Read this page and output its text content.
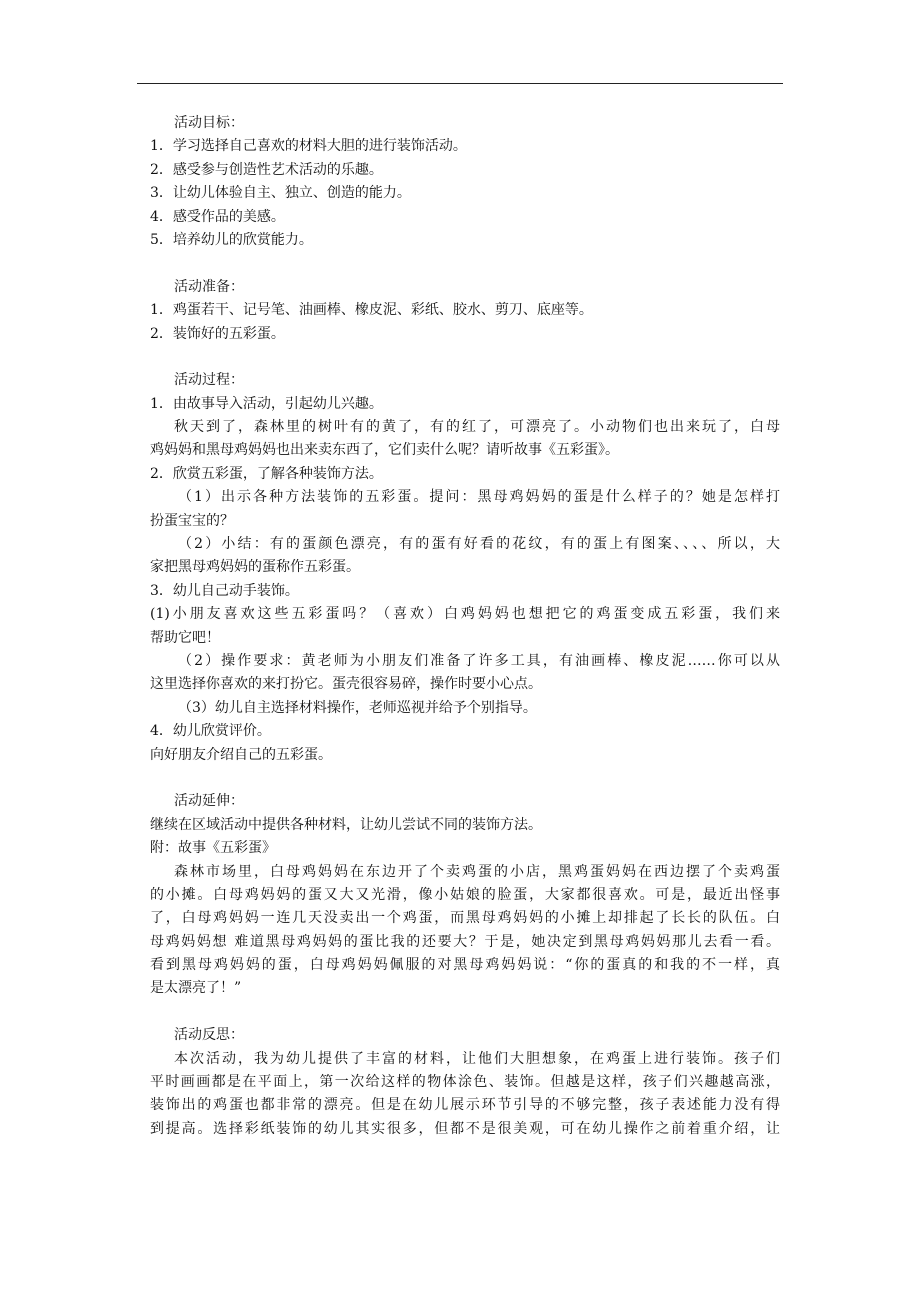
活动目标：
1．学习选择自己喜欢的材料大胆的进行装饰活动。
2．感受参与创造性艺术活动的乐趣。
3．让幼儿体验自主、独立、创造的能力。
4．感受作品的美感。
5．培养幼儿的欣赏能力。
活动准备：
1．鸡蛋若干、记号笔、油画棒、橡皮泥、彩纸、胶水、剪刀、底座等。
2．装饰好的五彩蛋。
活动过程：
1．由故事导入活动，引起幼儿兴趣。
秋天到了，森林里的树叶有的黄了，有的红了，可漂亮了。小动物们也出来玩了，白母
鸡妈妈和黑母鸡妈妈也出来卖东西了，它们卖什么呢？请听故事《五彩蛋》。
2．欣赏五彩蛋，了解各种装饰方法。
（1）出示各种方法装饰的五彩蛋。提问：黑母鸡妈妈的蛋是什么样子的？她是怎样打
扮蛋宝宝的？
（2）小结：有的蛋颜色漂亮，有的蛋有好看的花纹，有的蛋上有图案、、、、所以，大
家把黑母鸡妈妈的蛋称作五彩蛋。
3．幼儿自己动手装饰。
(1)小朋友喜欢这些五彩蛋吗？（喜欢）白鸡妈妈也想把它的鸡蛋变成五彩蛋，我们来
帮助它吧！
（2）操作要求：黄老师为小朋友们准备了许多工具，有油画棒、橡皮泥……你可以从
这里选择你喜欢的来打扮它。蛋壳很容易碎，操作时要小心点。
（3）幼儿自主选择材料操作，老师巡视并给予个别指导。
4．幼儿欣赏评价。
向好朋友介绍自己的五彩蛋。
活动延伸：
继续在区域活动中提供各种材料，让幼儿尝试不同的装饰方法。
附：故事《五彩蛋》
森林市场里，白母鸡妈妈在东边开了个卖鸡蛋的小店，黑鸡蛋妈妈在西边摆了个卖鸡蛋
的小摊。白母鸡妈妈的蛋又大又光滑，像小姑娘的脸蛋，大家都很喜欢。可是，最近出怪事
了，白母鸡妈妈一连几天没卖出一个鸡蛋，而黑母鸡妈妈的小摊上却排起了长长的队伍。白
母鸡妈妈想 难道黑母鸡妈妈的蛋比我的还要大？于是，她决定到黑母鸡妈妈那儿去看一看。
看到黑母鸡妈妈的蛋，白母鸡妈妈佩服的对黑母鸡妈妈说：“你的蛋真的和我的不一样，真
是太漂亮了！”
活动反思：
本次活动，我为幼儿提供了丰富的材料，让他们大胆想象，在鸡蛋上进行装饰。孩子们
平时画画都是在平面上，第一次给这样的物体涂色、装饰。但越是这样，孩子们兴趣越高涨，
装饰出的鸡蛋也都非常的漂亮。但是在幼儿展示环节引导的不够完整，孩子表述能力没有得
到提高。选择彩纸装饰的幼儿其实很多，但都不是很美观，可在幼儿操作之前着重介绍，让
